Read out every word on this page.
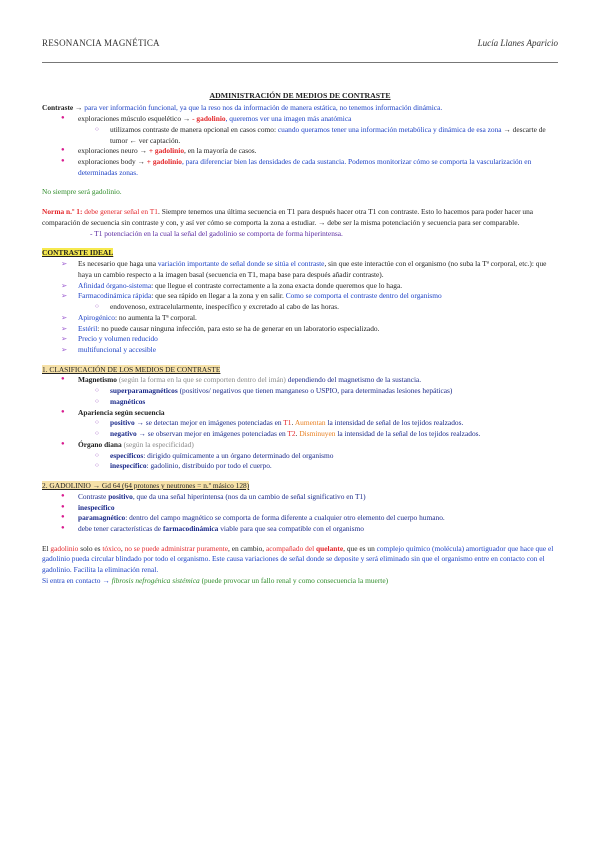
RESONANCIA MAGNÉTICA	Lucía Llanes Aparicio
ADMINISTRACIÓN DE MEDIOS DE CONTRASTE

Contraste → para ver información funcional, ya que la reso nos da información de manera estática, no tenemos información dinámica.

● exploraciones músculo esquelético → - gadolinio, queremos ver una imagen más anatómica
○ utilizamos contraste de manera opcional en casos como: cuando queramos tener una información metabólica y dinámica de esa zona → descarte de tumor ← ver captación.
● exploraciones neuro → + gadolinio, en la mayoría de casos.
● exploraciones body → + gadolinio, para diferenciar bien las densidades de cada sustancia. Podemos monitorizar cómo se comporta la vascularización en determinadas zonas.

No siempre será gadolinio.

Norma n.º 1: debe generar señal en T1. Siempre tenemos una última secuencia en T1 para después hacer otra T1 con contraste. Esto lo hacemos para poder hacer una comparación de secuencia sin contraste y con, y así ver cómo se comporta la zona a estudiar. → debe ser la misma potenciación y secuencia para ser comparable.

- T1 potenciación en la cual la señal del gadolinio se comporta de forma hiperintensa.

CONTRASTE IDEAL

➢ Es necesario que haga una variación importante de señal donde se sitúa el contraste, sin que este interactúe con el organismo (no suba la Tª corporal, etc.): que haya un cambio respecto a la imagen basal (secuencia en T1, mapa base para después añadir contraste).
➢ Afinidad órgano-sistema: que llegue el contraste correctamente a la zona exacta donde queremos que lo haga.
➢ Farmacodinámica rápida: que sea rápido en llegar a la zona y en salir. Como se comporta el contraste dentro del organismo
○ endovenoso, extracelularmente, inespecífico y excretado al cabo de las horas.
➢ Apirogénico: no aumenta la Tª corporal.
➢ Estéril: no puede causar ninguna infección, para esto se ha de generar en un laboratorio especializado.
➢ Precio y volumen reducido
➢ multifuncional y accesible

1. CLASIFICACIÓN DE LOS MEDIOS DE CONTRASTE

● Magnetismo (según la forma en la que se comporten dentro del imán) dependiendo del magnetismo de la sustancia.
○ superparamagnéticos (positivos/ negativos que tienen manganeso o USPIO, para determinadas lesiones hepáticas)
○ magnéticos
● Apariencia según secuencia
○ positivo → se detectan mejor en imágenes potenciadas en T1. Aumentan la intensidad de señal de los tejidos realzados.
○ negativo → se observan mejor en imágenes potenciadas en T2. Disminuyen la intensidad de la señal de los tejidos realzados.
● Órgano diana (según la especificidad)
○ específicos: dirigido químicamente a un órgano determinado del organismo
○ inespecífico: gadolinio, distribuido por todo el cuerpo.

2. GADOLINIO → Gd 64 (64 protones y neutrones = n.º másico 128)

● Contraste positivo, que da una señal hiperintensa (nos da un cambio de señal significativo en T1)
● inespecífico
● paramagnético: dentro del campo magnético se comporta de forma diferente a cualquier otro elemento del cuerpo humano.
● debe tener características de farmacodinámica viable para que sea compatible con el organismo

El gadolinio solo es tóxico, no se puede administrar puramente, en cambio, acompañado del quelante, que es un complejo químico (molécula) amortiguador que hace que el gadolinio pueda circular blindado por todo el organismo. Este causa variaciones de señal donde se deposite y será eliminado sin que el organismo entre en contacto con el gadolinio. Facilita la eliminación renal.

Si entra en contacto → fibrosis nefrogénica sistémica (puede provocar un fallo renal y como consecuencia la muerte)
